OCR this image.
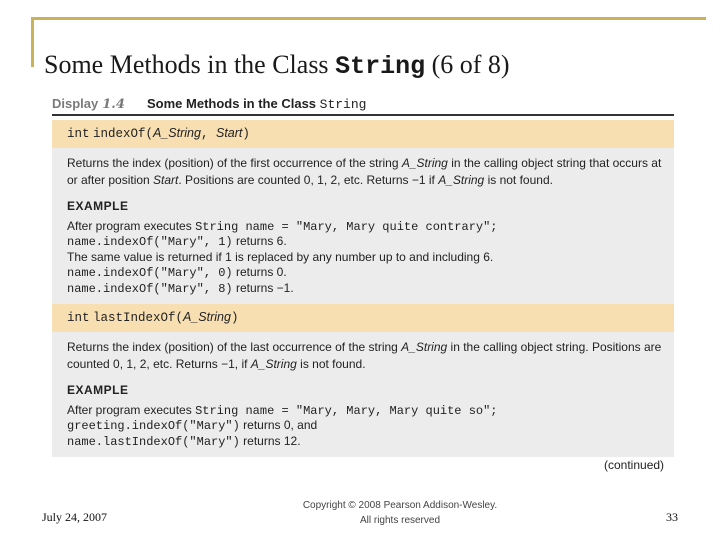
Some Methods in the Class String (6 of 8)
Display 1.4 Some Methods in the Class String
int indexOf(A_String, Start)
Returns the index (position) of the first occurrence of the string A_String in the calling object string that occurs at or after position Start. Positions are counted 0, 1, 2, etc. Returns −1 if A_String is not found.
EXAMPLE
After program executes String name = "Mary, Mary quite contrary";
name.indexOf("Mary", 1) returns 6.
The same value is returned if 1 is replaced by any number up to and including 6.
name.indexOf("Mary", 0) returns 0.
name.indexOf("Mary", 8) returns −1.
int lastIndexOf(A_String)
Returns the index (position) of the last occurrence of the string A_String in the calling object string. Positions are counted 0, 1, 2, etc. Returns −1, if A_String is not found.
EXAMPLE
After program executes String name = "Mary, Mary, Mary quite so";
greeting.indexOf("Mary") returns 0, and
name.lastIndexOf("Mary") returns 12.
(continued)
July 24, 2007
Copyright © 2008 Pearson Addison-Wesley.
All rights reserved	33
